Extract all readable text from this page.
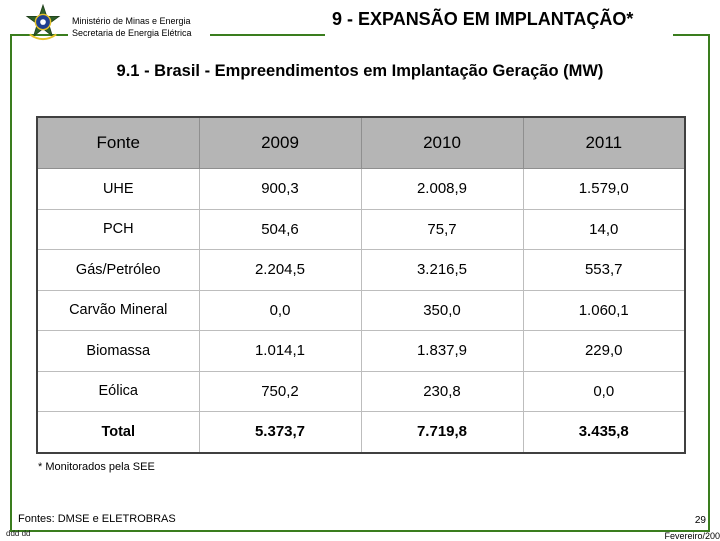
Ministério de Minas e Energia
Secretaria de Energia Elétrica
9 - EXPANSÃO EM IMPLANTAÇÃO*
9.1 - Brasil - Empreendimentos em Implantação Geração (MW)
Fonte	2009	2010	2011
UHE	900,3	2.008,9	1.579,0
PCH	504,6	75,7	14,0
Gás/Petróleo	2.204,5	3.216,5	553,7
Carvão Mineral	0,0	350,0	1.060,1
Biomassa	1.014,1	1.837,9	229,0
Eólica	750,2	230,8	0,0
Total	5.373,7	7.719,8	3.435,8
* Monitorados pela SEE
Fontes: DMSE e ELETROBRAS
ddd dd
29
Fevereiro/200
